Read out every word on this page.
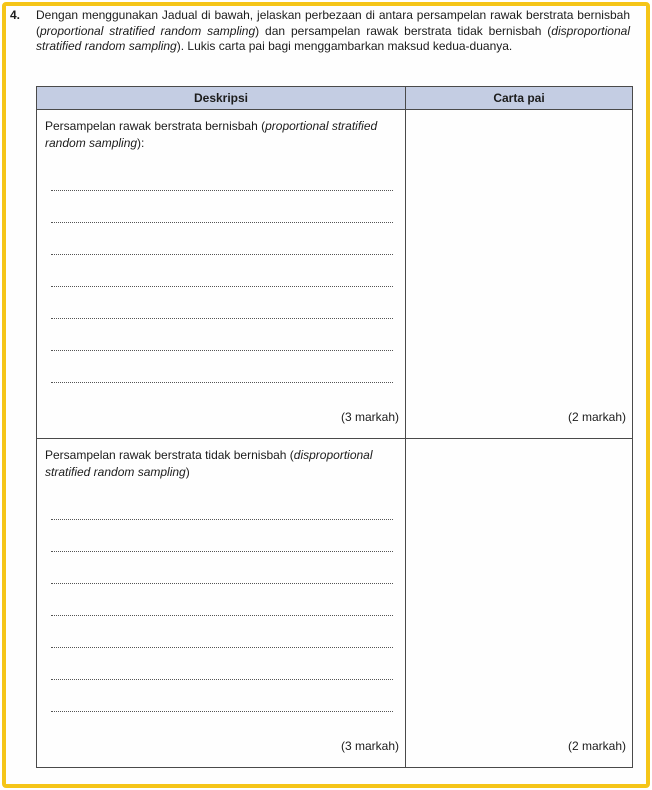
4. Dengan menggunakan Jadual di bawah, jelaskan perbezaan di antara persampelan rawak berstrata bernisbah (proportional stratified random sampling) dan persampelan rawak berstrata tidak bernisbah (disproportional stratified random sampling). Lukis carta pai bagi menggambarkan maksud kedua-duanya.
Deskripsi	Carta pai

Persampelan rawak berstrata bernisbah (proportional stratified random sampling):
(3 markah)	(2 markah)

Persampelan rawak berstrata tidak bernisbah (disproportional stratified random sampling)
(3 markah)	(2 markah)
